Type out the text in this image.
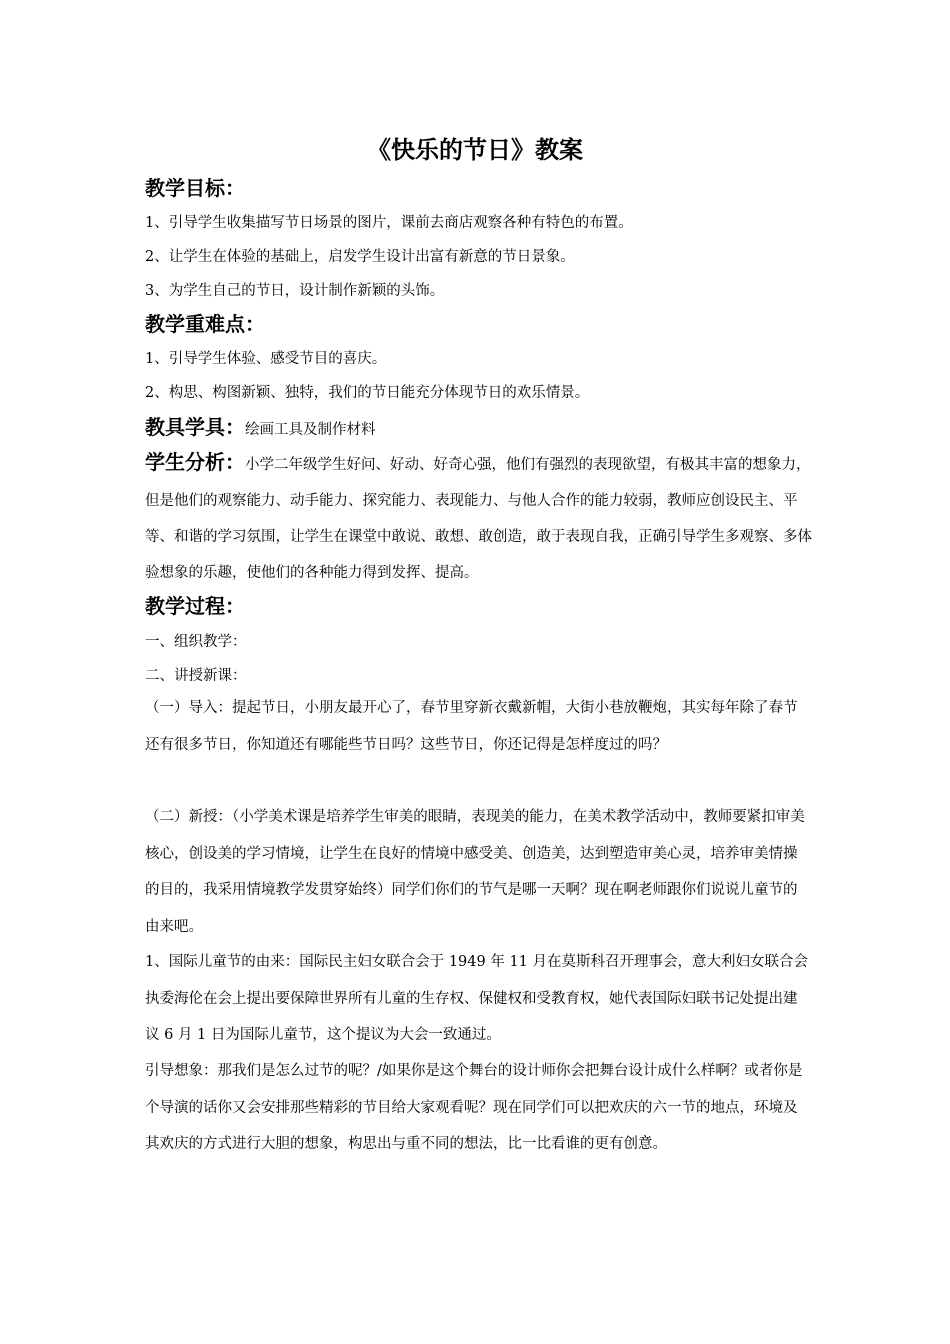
《快乐的节日》教案
教学目标：
1、引导学生收集描写节日场景的图片，课前去商店观察各种有特色的布置。
2、让学生在体验的基础上，启发学生设计出富有新意的节日景象。
3、为学生自己的节日，设计制作新颖的头饰。
教学重难点：
1、引导学生体验、感受节目的喜庆。
2、构思、构图新颖、独特，我们的节日能充分体现节日的欢乐情景。
教具学具：绘画工具及制作材料
学生分析：小学二年级学生好问、好动、好奇心强，他们有强烈的表现欲望，有极其丰富的想象力，但是他们的观察能力、动手能力、探究能力、表现能力、与他人合作的能力较弱，教师应创设民主、平等、和谐的学习氛围，让学生在课堂中敢说、敢想、敢创造，敢于表现自我，正确引导学生多观察、多体验想象的乐趣，使他们的各种能力得到发挥、提高。
教学过程：
一、组织教学：
二、讲授新课：
（一）导入：提起节日，小朋友最开心了，春节里穿新衣戴新帽，大街小巷放鞭炮，其实每年除了春节还有很多节日，你知道还有哪能些节日吗？这些节日，你还记得是怎样度过的吗？
（二）新授：（小学美术课是培养学生审美的眼睛，表现美的能力，在美术教学活动中，教师要紧扣审美核心，创设美的学习情境，让学生在良好的情境中感受美、创造美，达到塑造审美心灵，培养审美情操的目的，我采用情境教学发贯穿始终）同学们你们的节气是哪一天啊？现在啊老师跟你们说说儿童节的由来吧。
1、国际儿童节的由来：国际民主妇女联合会于 1949 年 11 月在莫斯科召开理事会，意大利妇女联合会执委海伦在会上提出要保障世界所有儿童的生存权、保健权和受教育权，她代表国际妇联书记处提出建议 6 月 1 日为国际儿童节，这个提议为大会一致通过。
引导想象：那我们是怎么过节的呢？/如果你是这个舞台的设计师你会把舞台设计成什么样啊？或者你是个导演的话你又会安排那些精彩的节目给大家观看呢？现在同学们可以把欢庆的六一节的地点，环境及其欢庆的方式进行大胆的想象，构思出与重不同的想法，比一比看谁的更有创意。
